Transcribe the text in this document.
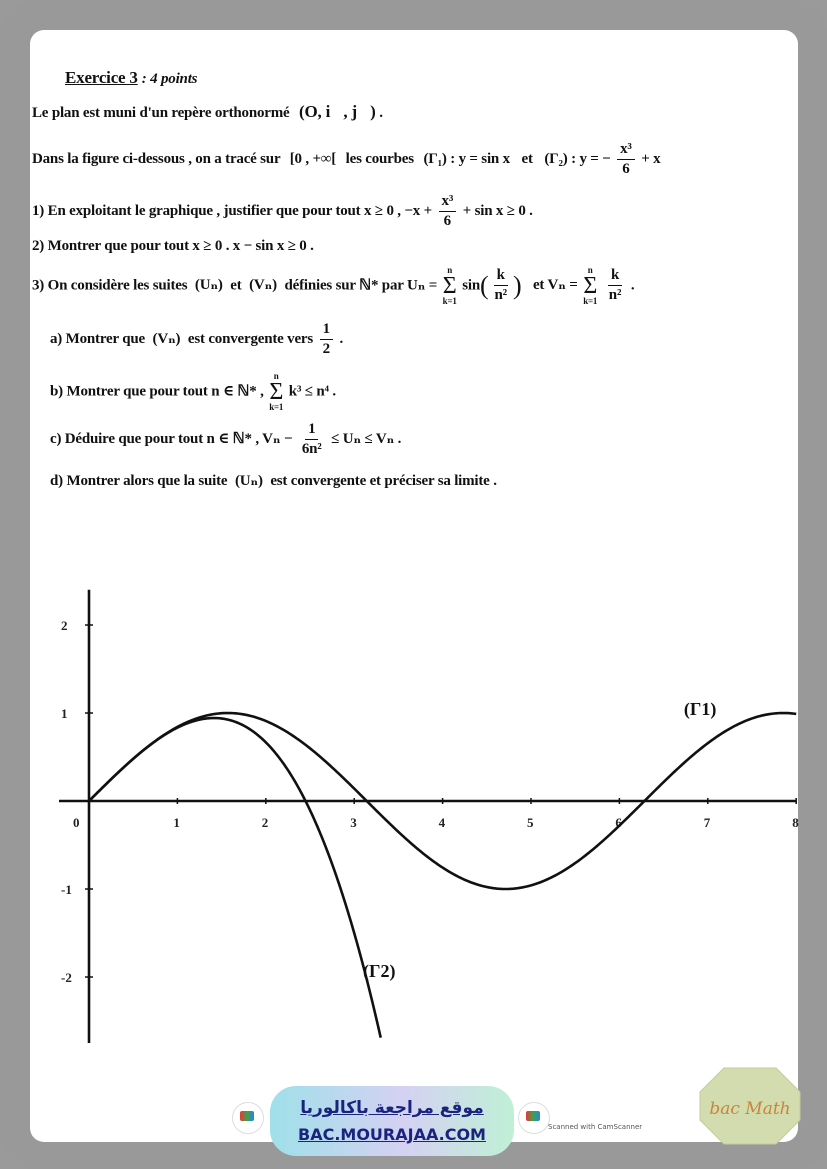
Exercice 3 : 4 points
Le plan est muni d'un repère orthonormé (O, i⃗, j⃗) .
Dans la figure ci-dessous , on a tracé sur [0 , +∞[ les courbes (Γ₁) : y = sin x et (Γ₂) : y = − $\frac{\text{x³}}{6} + x$
1) En exploitant le graphique , justifier que pour tout x ≥ 0 , $-x + \frac{\text{x³}}{6} + \sin x \ge 0$ .
2) Montrer que pour tout x ≥ 0 . x − sin x ≥ 0 .
3) On considère les suites (Uₙ) et (Vₙ) définies sur ℕ* par Uₙ =
n
Σ
k=1
$\sin( \frac{k}{\text{n²}}$ ) et Vₙ =
n
Σ
k=1
$\frac{k}{\text{n²}}$ .
a) Montrer que (Vₙ) est convergente vers $\frac{1}{2}$ .
b) Montrer que pour tout n ∈ ℕ* ,
n
Σ
k=1
k³ ≤ n⁴ .
c) Déduire que pour tout n ∈ ℕ* , $V_n - \frac{1}{\text{6n²}} \le U_n \le V_n$ .
d) Montrer alors que la suite (Uₙ) est convergente et préciser sa limite .
0	1	2	3	4	5	6	7	8
2
1
-1
-2
(Γ1)
(Γ2)
موقع مراجعة باكالوريا
BAC.MOURAJAA.COM	Scanned with CamScanner
bac Math
